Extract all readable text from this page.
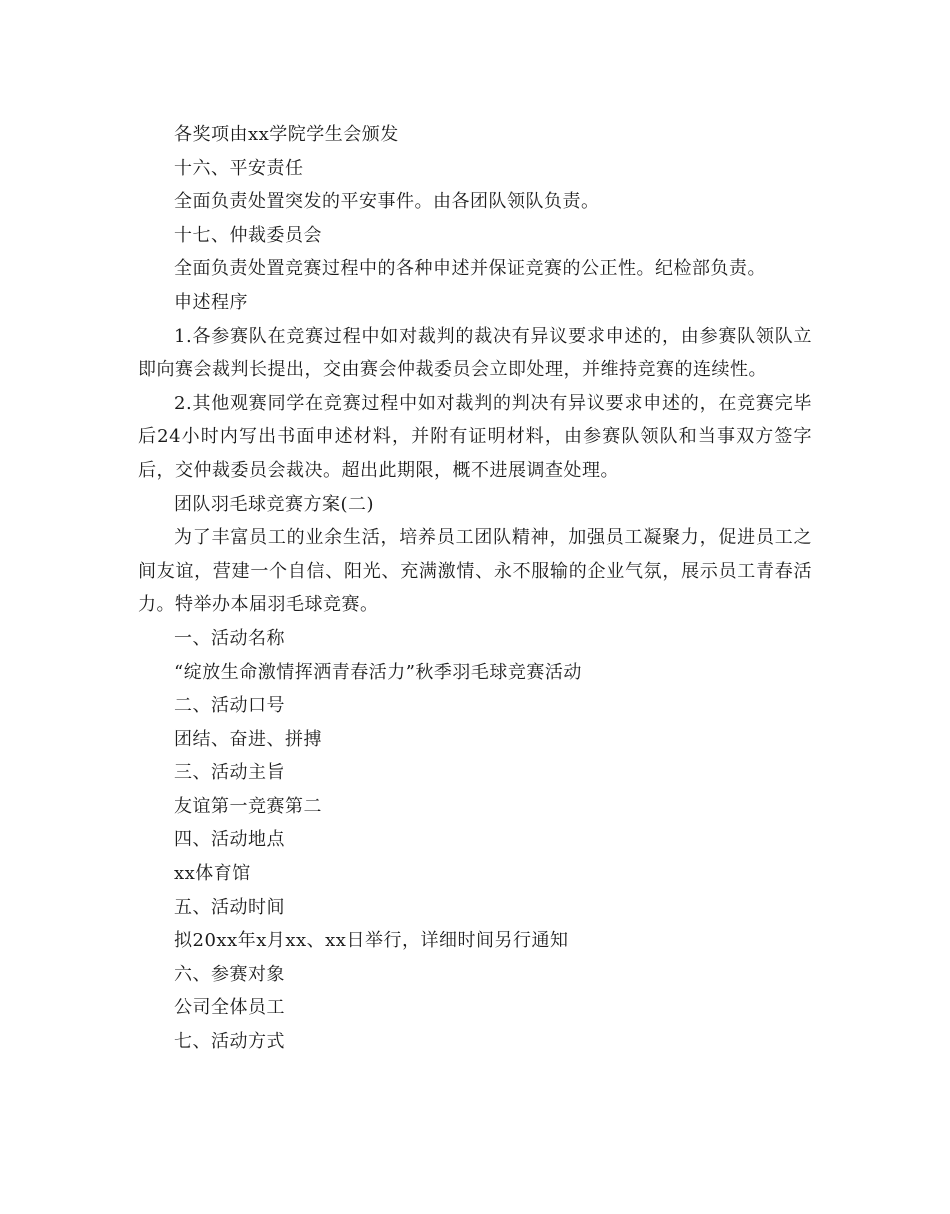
各奖项由xx学院学生会颁发

十六、平安责任

全面负责处置突发的平安事件。由各团队领队负责。

十七、仲裁委员会

全面负责处置竞赛过程中的各种申述并保证竞赛的公正性。纪检部负责。

申述程序

1.各参赛队在竞赛过程中如对裁判的裁决有异议要求申述的，由参赛队领队立即向赛会裁判长提出，交由赛会仲裁委员会立即处理，并维持竞赛的连续性。

2.其他观赛同学在竞赛过程中如对裁判的判决有异议要求申述的，在竞赛完毕后24小时内写出书面申述材料，并附有证明材料，由参赛队领队和当事双方签字后，交仲裁委员会裁决。超出此期限，概不进展调查处理。

团队羽毛球竞赛方案(二)

为了丰富员工的业余生活，培养员工团队精神，加强员工凝聚力，促进员工之间友谊，营建一个自信、阳光、充满激情、永不服输的企业气氛，展示员工青春活力。特举办本届羽毛球竞赛。

一、活动名称

“绽放生命激情挥洒青春活力”秋季羽毛球竞赛活动

二、活动口号

团结、奋进、拼搏

三、活动主旨

友谊第一竞赛第二

四、活动地点

xx体育馆

五、活动时间

拟20xx年x月xx、xx日举行，详细时间另行通知

六、参赛对象

公司全体员工

七、活动方式
